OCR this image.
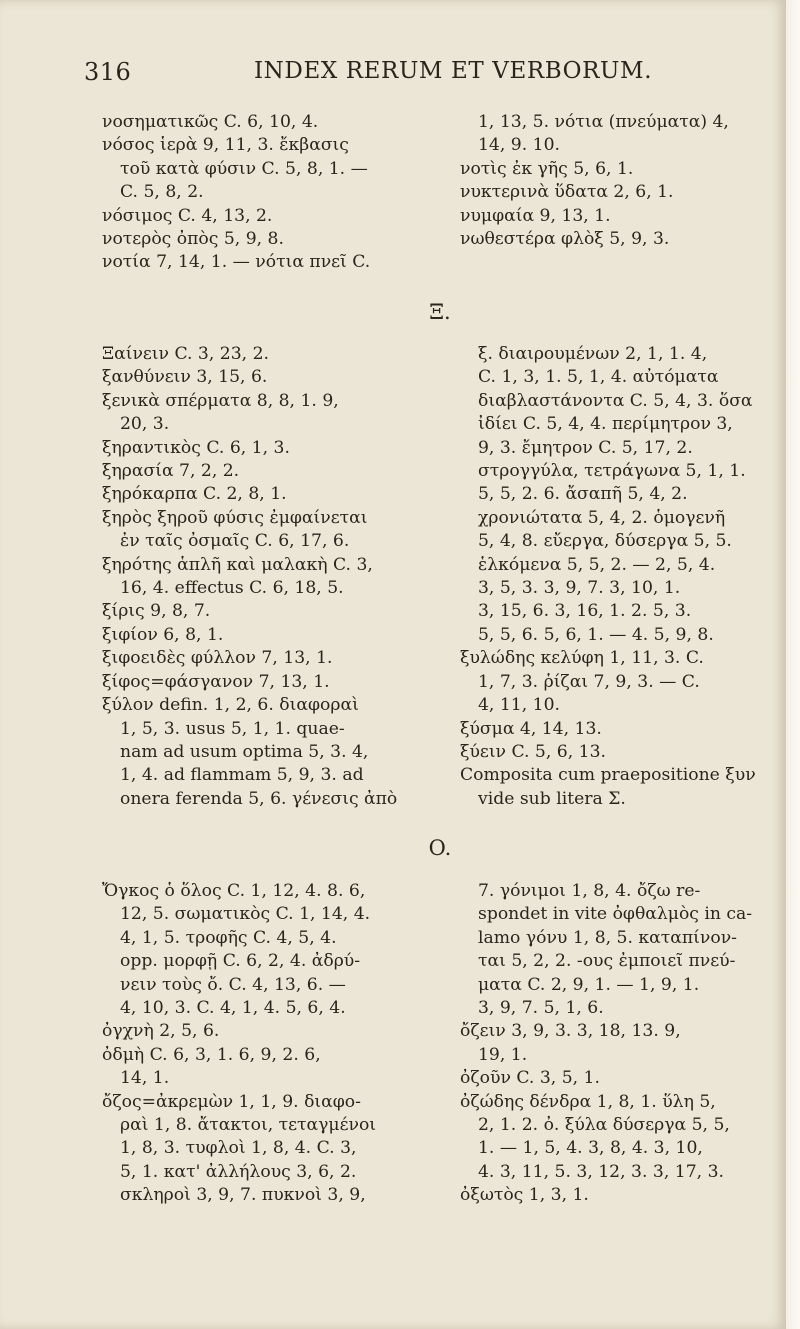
316	INDEX RERUM ET VERBORUM.
νοσηματικῶς C. 6, 10, 4.
νόσος ἱερὰ 9, 11, 3. ἔκβασις
τοῦ κατὰ φύσιν C. 5, 8, 1. —
C. 5, 8, 2.
νόσιμος C. 4, 13, 2.
νοτερὸς ὀπὸς 5, 9, 8.
νοτία 7, 14, 1. — νότια πνεῖ C.
1, 13, 5. νότια (πνεύματα) 4,
14, 9. 10.
νοτὶς ἐκ γῆς 5, 6, 1.
νυκτερινὰ ὕδατα 2, 6, 1.
νυμφαία 9, 13, 1.
νωθεστέρα φλὸξ 5, 9, 3.
Ξ.
Ξαίνειν C. 3, 23, 2.
ξανθύνειν 3, 15, 6.
ξενικὰ σπέρματα 8, 8, 1. 9,
20, 3.
ξηραντικὸς C. 6, 1, 3.
ξηρασία 7, 2, 2.
ξηρόκαρπα C. 2, 8, 1.
ξηρὸς ξηροῦ φύσις ἐμφαίνεται
ἐν ταῖς ὀσμαῖς C. 6, 17, 6.
ξηρότης ἁπλῆ καὶ μαλακὴ C. 3,
16, 4. effectus C. 6, 18, 5.
ξίρις 9, 8, 7.
ξιφίον 6, 8, 1.
ξιφοειδὲς φύλλον 7, 13, 1.
ξίφος=φάσγανον 7, 13, 1.
ξύλον defin. 1, 2, 6. διαφοραὶ
1, 5, 3. usus 5, 1, 1. quae-
nam ad usum optima 5, 3. 4,
1, 4. ad flammam 5, 9, 3. ad
onera ferenda 5, 6. γένεσις ἀπὸ
ξ. διαιρουμένων 2, 1, 1. 4,
C. 1, 3, 1. 5, 1, 4. αὐτόματα
διαβλαστάνοντα C. 5, 4, 3. ὅσα
ἰδίει C. 5, 4, 4. περίμητρον 3,
9, 3. ἔμητρον C. 5, 17, 2.
στρογγύλα, τετράγωνα 5, 1, 1.
5, 5, 2. 6. ἄσαπῆ 5, 4, 2.
χρονιώτατα 5, 4, 2. ὁμογενῆ
5, 4, 8. εὔεργα, δύσεργα 5, 5.
ἑλκόμενα 5, 5, 2. — 2, 5, 4.
3, 5, 3. 3, 9, 7. 3, 10, 1.
3, 15, 6. 3, 16, 1. 2. 5, 3.
5, 5, 6. 5, 6, 1. — 4. 5, 9, 8.
ξυλώδης κελύφη 1, 11, 3. C.
1, 7, 3. ῥίζαι 7, 9, 3. — C.
4, 11, 10.
ξύσμα 4, 14, 13.
ξύειν C. 5, 6, 13.
Composita cum praepositione ξυν
vide sub litera Σ.
O.
Ὄγκος ὁ ὅλος C. 1, 12, 4. 8. 6,
12, 5. σωματικὸς C. 1, 14, 4.
4, 1, 5. τροφῆς C. 4, 5, 4.
opp. μορφῇ C. 6, 2, 4. ἀδρύ-
νειν τοὺς ὄ. C. 4, 13, 6. —
4, 10, 3. C. 4, 1, 4. 5, 6, 4.
ὀγχνὴ 2, 5, 6.
ὀδμὴ C. 6, 3, 1. 6, 9, 2. 6,
14, 1.
ὄζος=ἀκρεμὼν 1, 1, 9. διαφο-
ραὶ 1, 8. ἄτακτοι, τεταγμένοι
1, 8, 3. τυφλοὶ 1, 8, 4. C. 3,
5, 1. κατ' ἀλλήλους 3, 6, 2.
σκληροὶ 3, 9, 7. πυκνοὶ 3, 9,
7. γόνιμοι 1, 8, 4. ὄζω re-
spondet in vite ὀφθαλμὸς in ca-
lamo γόνυ 1, 8, 5. καταπίνον-
ται 5, 2, 2. -ους ἐμποιεῖ πνεύ-
ματα C. 2, 9, 1. — 1, 9, 1.
3, 9, 7. 5, 1, 6.
ὄζειν 3, 9, 3. 3, 18, 13. 9,
19, 1.
ὀζοῦν C. 3, 5, 1.
ὀζώδης δένδρα 1, 8, 1. ὕλη 5,
2, 1. 2. ὀ. ξύλα δύσεργα 5, 5,
1. — 1, 5, 4. 3, 8, 4. 3, 10,
4. 3, 11, 5. 3, 12, 3. 3, 17, 3.
ὀξωτὸς 1, 3, 1.
